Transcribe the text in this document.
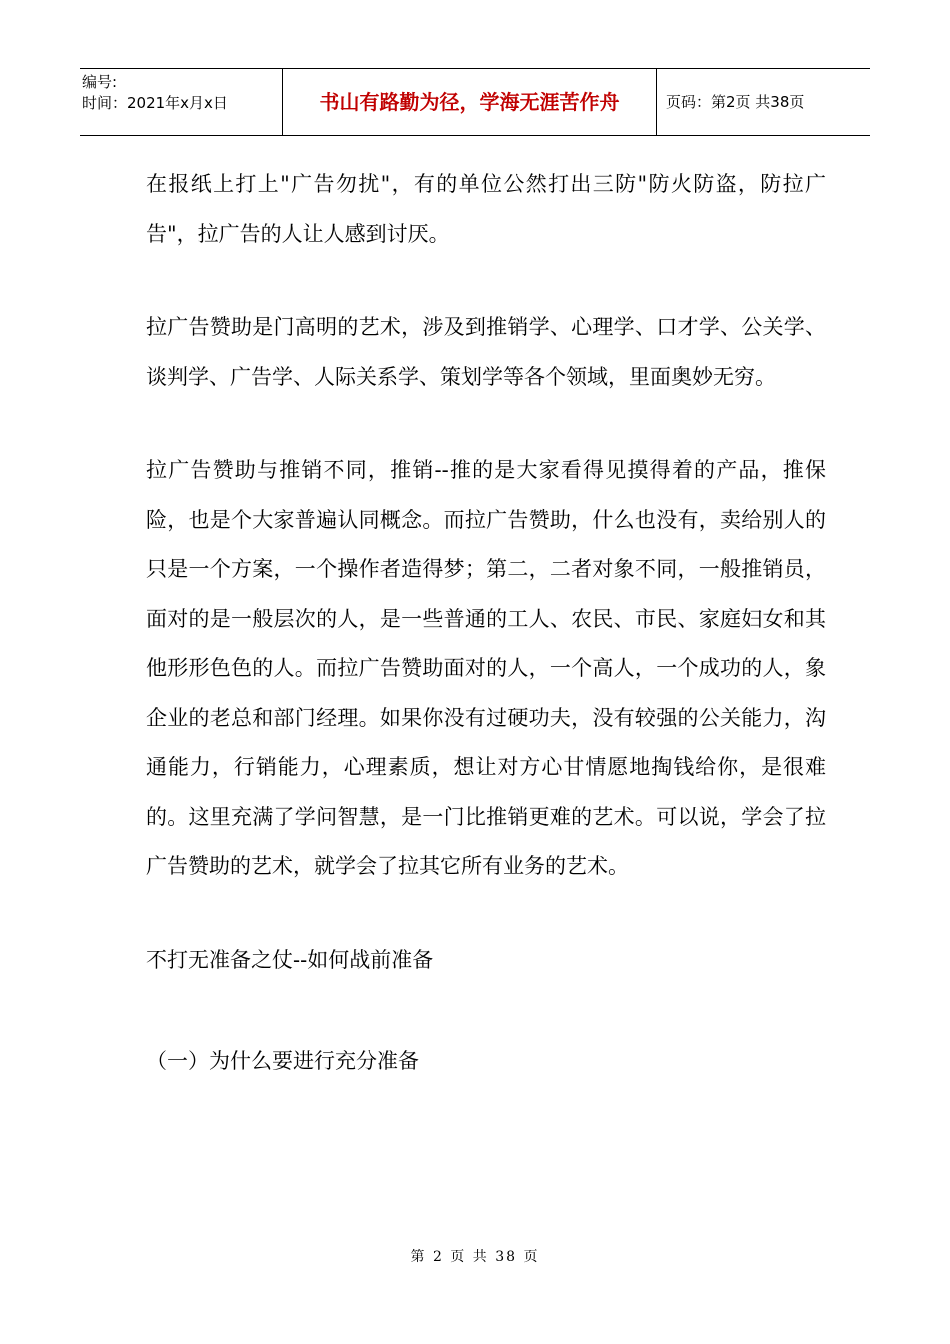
编号:
时间：2021年x月x日	书山有路勤为径，学海无涯苦作舟	页码：第2页 共38页

在报纸上打上"广告勿扰"，有的单位公然打出三防"防火防盗，防拉广告"，拉广告的人让人感到讨厌。

拉广告赞助是门高明的艺术，涉及到推销学、心理学、口才学、公关学、谈判学、广告学、人际关系学、策划学等各个领域，里面奥妙无穷。

拉广告赞助与推销不同，推销--推的是大家看得见摸得着的产品，推保险，也是个大家普遍认同概念。而拉广告赞助，什么也没有，卖给别人的只是一个方案，一个操作者造得梦；第二，二者对象不同，一般推销员，面对的是一般层次的人，是一些普通的工人、农民、市民、家庭妇女和其他形形色色的人。而拉广告赞助面对的人，一个高人，一个成功的人，象企业的老总和部门经理。如果你没有过硬功夫，没有较强的公关能力，沟通能力，行销能力，心理素质，想让对方心甘情愿地掏钱给你，是很难的。这里充满了学问智慧，是一门比推销更难的艺术。可以说，学会了拉广告赞助的艺术，就学会了拉其它所有业务的艺术。

不打无准备之仗--如何战前准备

（一）为什么要进行充分准备

第 2 页 共 38 页
